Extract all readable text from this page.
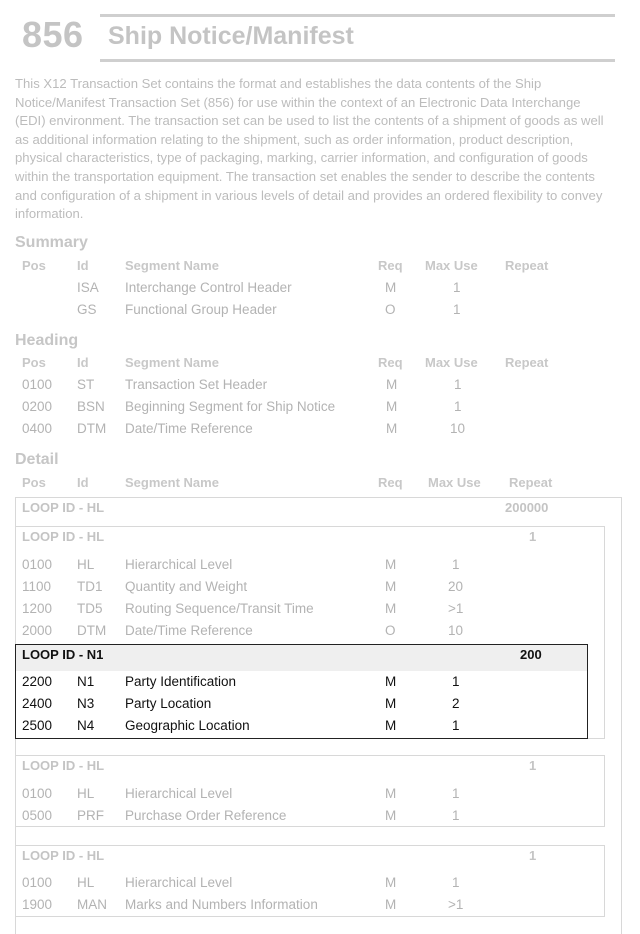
856 Ship Notice/Manifest
This X12 Transaction Set contains the format and establishes the data contents of the Ship Notice/Manifest Transaction Set (856) for use within the context of an Electronic Data Interchange (EDI) environment. The transaction set can be used to list the contents of a shipment of goods as well as additional information relating to the shipment, such as order information, product description, physical characteristics, type of packaging, marking, carrier information, and configuration of goods within the transportation equipment. The transaction set enables the sender to describe the contents and configuration of a shipment in various levels of detail and provides an ordered flexibility to convey information.
Summary
Pos Id	Segment Name	Req Max Use Repeat
ISA Interchange Control Header	M	1
GS Functional Group Header	O	1
Heading
Pos Id	Segment Name	Req Max Use Repeat
0100 ST Transaction Set Header	M	1
0200 BSN Beginning Segment for Ship Notice	M	1
0400 DTM Date/Time Reference	M	10
Detail
Pos Id	Segment Name	Req Max Use Repeat
LOOP ID - HL	200000
LOOP ID - HL	1
0100 HL Hierarchical Level	M	1
1100 TD1 Quantity and Weight	M	20
1200 TD5 Routing Sequence/Transit Time	M	>1
2000 DTM Date/Time Reference	O	10
LOOP ID - N1	200
2200 N1 Party Identification	M	1
2400 N3 Party Location	M	2
2500 N4 Geographic Location	M	1
LOOP ID - HL	1
0100 HL Hierarchical Level	M	1
0500 PRF Purchase Order Reference	M	1
LOOP ID - HL	1
0100 HL Hierarchical Level	M	1
1900 MAN Marks and Numbers Information	M	>1
